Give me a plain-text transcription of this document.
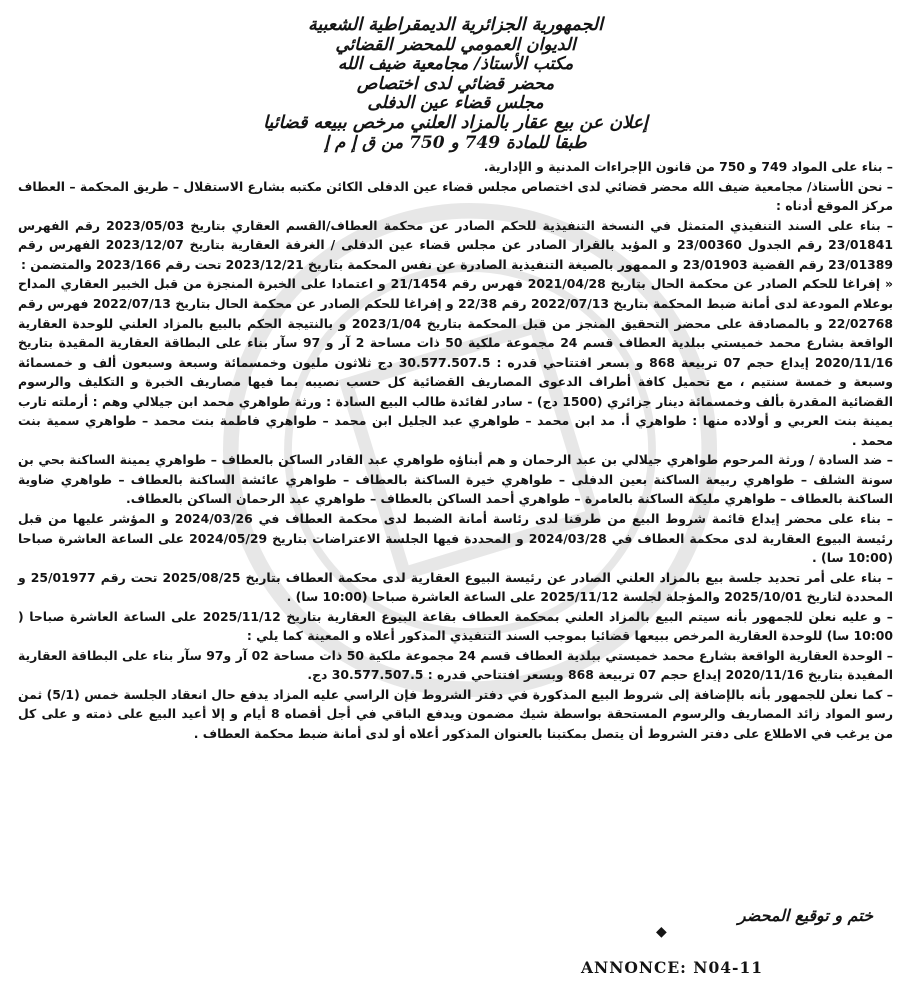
الجمهورية الجزائرية الديمقراطية الشعبية
الديوان العمومي للمحضر القضائي
مكتب الأستاذ/ مجامعية ضيف الله
محضر قضائي لدى اختصاص
مجلس قضاء عين الدفلى
إعلان عن بيع عقار بالمزاد العلني مرخص ببيعه قضائيا
طبقا للمادة 749 و 750 من ق إ م إ

– بناء على المواد 749 و 750 من قانون الإجراءات المدنية و الإدارية.

– نحن الأستاذ/ مجامعية ضيف الله محضر قضائي لدى اختصاص مجلس قضاء عين الدفلى الكائن مكتبه بشارع الاستقلال – طريق المحكمة – العطاف مركز الموقع أدناه :

– بناء على السند التنفيذي المتمثل في النسخة التنفيذية للحكم الصادر عن محكمة العطاف/القسم العقاري بتاريخ 2023/05/03 رقم الفهرس 23/01841 رقم الجدول 23/00360 و المؤيد بالقرار الصادر عن مجلس قضاء عين الدفلى / الغرفة العقارية بتاريخ 2023/12/07 الفهرس رقم 23/01389 رقم القضية 23/01903 و الممهور بالصيغة التنفيذية الصادرة عن نفس المحكمة بتاريخ 2023/12/21 تحت رقم 2023/166 والمتضمن :

« إفراغا للحكم الصادر عن محكمة الحال بتاريخ 2021/04/28 فهرس رقم 21/1454 و اعتمادا على الخبرة المنجزة من قبل الخبير العقاري المداح بوعلام المودعة لدى أمانة ضبط المحكمة بتاريخ 2022/07/13 رقم 22/38 و إفراغا للحكم الصادر عن محكمة الحال بتاريخ 2022/07/13 فهرس رقم 22/02768 و بالمصادقة على محضر التحقيق المنجز من قبل المحكمة بتاريخ 2023/1/04 و بالنتيجة الحكم بالبيع بالمزاد العلني للوحدة العقارية الواقعة بشارع محمد خميستي ببلدية العطاف قسم 24 مجموعة ملكية 50 ذات مساحة 2 آر و 97 سآر بناء على البطاقة العقارية المقيدة بتاريخ 2020/11/16 إيداع حجم 07 تربيعة 868 و بسعر افتتاحي قدره : 30.577.507.5 دج ثلاثون مليون وخمسمائة وسبعة وسبعون ألف و خمسمائة وسبعة و خمسة سنتيم ، مع تحميل كافة أطراف الدعوى المصاريف القضائية كل حسب نصيبه بما فيها مصاريف الخبرة و التكليف والرسوم القضائية المقدرة بألف وخمسمائة دينار جزائري (1500 دج) - سادر لفائدة طالب البيع السادة : ورثة طواهري محمد ابن جيلالي وهم : أرملته تارب يمينة بنت العربي و أولاده منها : طواهري أ. مد ابن محمد – طواهري عبد الجليل ابن محمد – طواهري فاطمة بنت محمد – طواهري سمية بنت محمد .

– ضد السادة / ورثة المرحوم طواهري جيلالي بن عبد الرحمان و هم أبناؤه طواهري عبد القادر الساكن بالعطاف – طواهري يمينة الساكنة بحي بن سونة الشلف – طواهري ربيعة الساكنة بعين الدفلى – طواهري خيرة الساكنة بالعطاف – طواهري عائشة الساكنة بالعطاف – طواهري ضاوية الساكنة بالعطاف – طواهري مليكة الساكنة بالعامرة – طواهري أحمد الساكن بالعطاف – طواهري عبد الرحمان الساكن بالعطاف.

– بناء على محضر إيداع قائمة شروط البيع من طرفنا لدى رئاسة أمانة الضبط لدى محكمة العطاف في 2024/03/26 و المؤشر عليها من قبل رئيسة البيوع العقارية لدى محكمة العطاف في 2024/03/28 و المحددة فيها الجلسة الاعتراضات بتاريخ 2024/05/29 على الساعة العاشرة صباحا (10:00 سا) .

– بناء على أمر تحديد جلسة بيع بالمزاد العلني الصادر عن رئيسة البيوع العقارية لدى محكمة العطاف بتاريخ 2025/08/25 تحت رقم 25/01977 و المحددة لتاريخ 2025/10/01 والمؤجلة لجلسة 2025/11/12 على الساعة العاشرة صباحا (10:00 سا) .

– و عليه نعلن للجمهور بأنه سيتم البيع بالمزاد العلني بمحكمة العطاف بقاعة البيوع العقارية بتاريخ 2025/11/12 على الساعة العاشرة صباحا ( 10:00 سا) للوحدة العقارية المرخص ببيعها قضائيا بموجب السند التنفيذي المذكور أعلاه و المعينة كما يلي :

– الوحدة العقارية الواقعة بشارع محمد خميستي ببلدية العطاف قسم 24 مجموعة ملكية 50 ذات مساحة 02 آر و97 سآر بناء على البطاقة العقارية المفيدة بتاريخ 2020/11/16 إيداع حجم 07 تربيعة 868 وبسعر افتتاحي قدره : 30.577.507.5 دج.

– كما نعلن للجمهور بأنه بالإضافة إلى شروط البيع المذكورة في دفتر الشروط فإن الراسي عليه المزاد يدفع حال انعقاد الجلسة خمس (5/1) ثمن رسو المواد زائد المصاريف والرسوم المستحقة بواسطة شيك مضمون ويدفع الباقي في أجل أقصاه 8 أيام و إلا أعيد البيع على ذمته و على كل من يرغب في الاطلاع على دفتر الشروط أن يتصل بمكتبنا بالعنوان المذكور أعلاه أو لدى أمانة ضبط محكمة العطاف .

ختم و توقيع المحضر
◆
ANNONCE: N04-11
